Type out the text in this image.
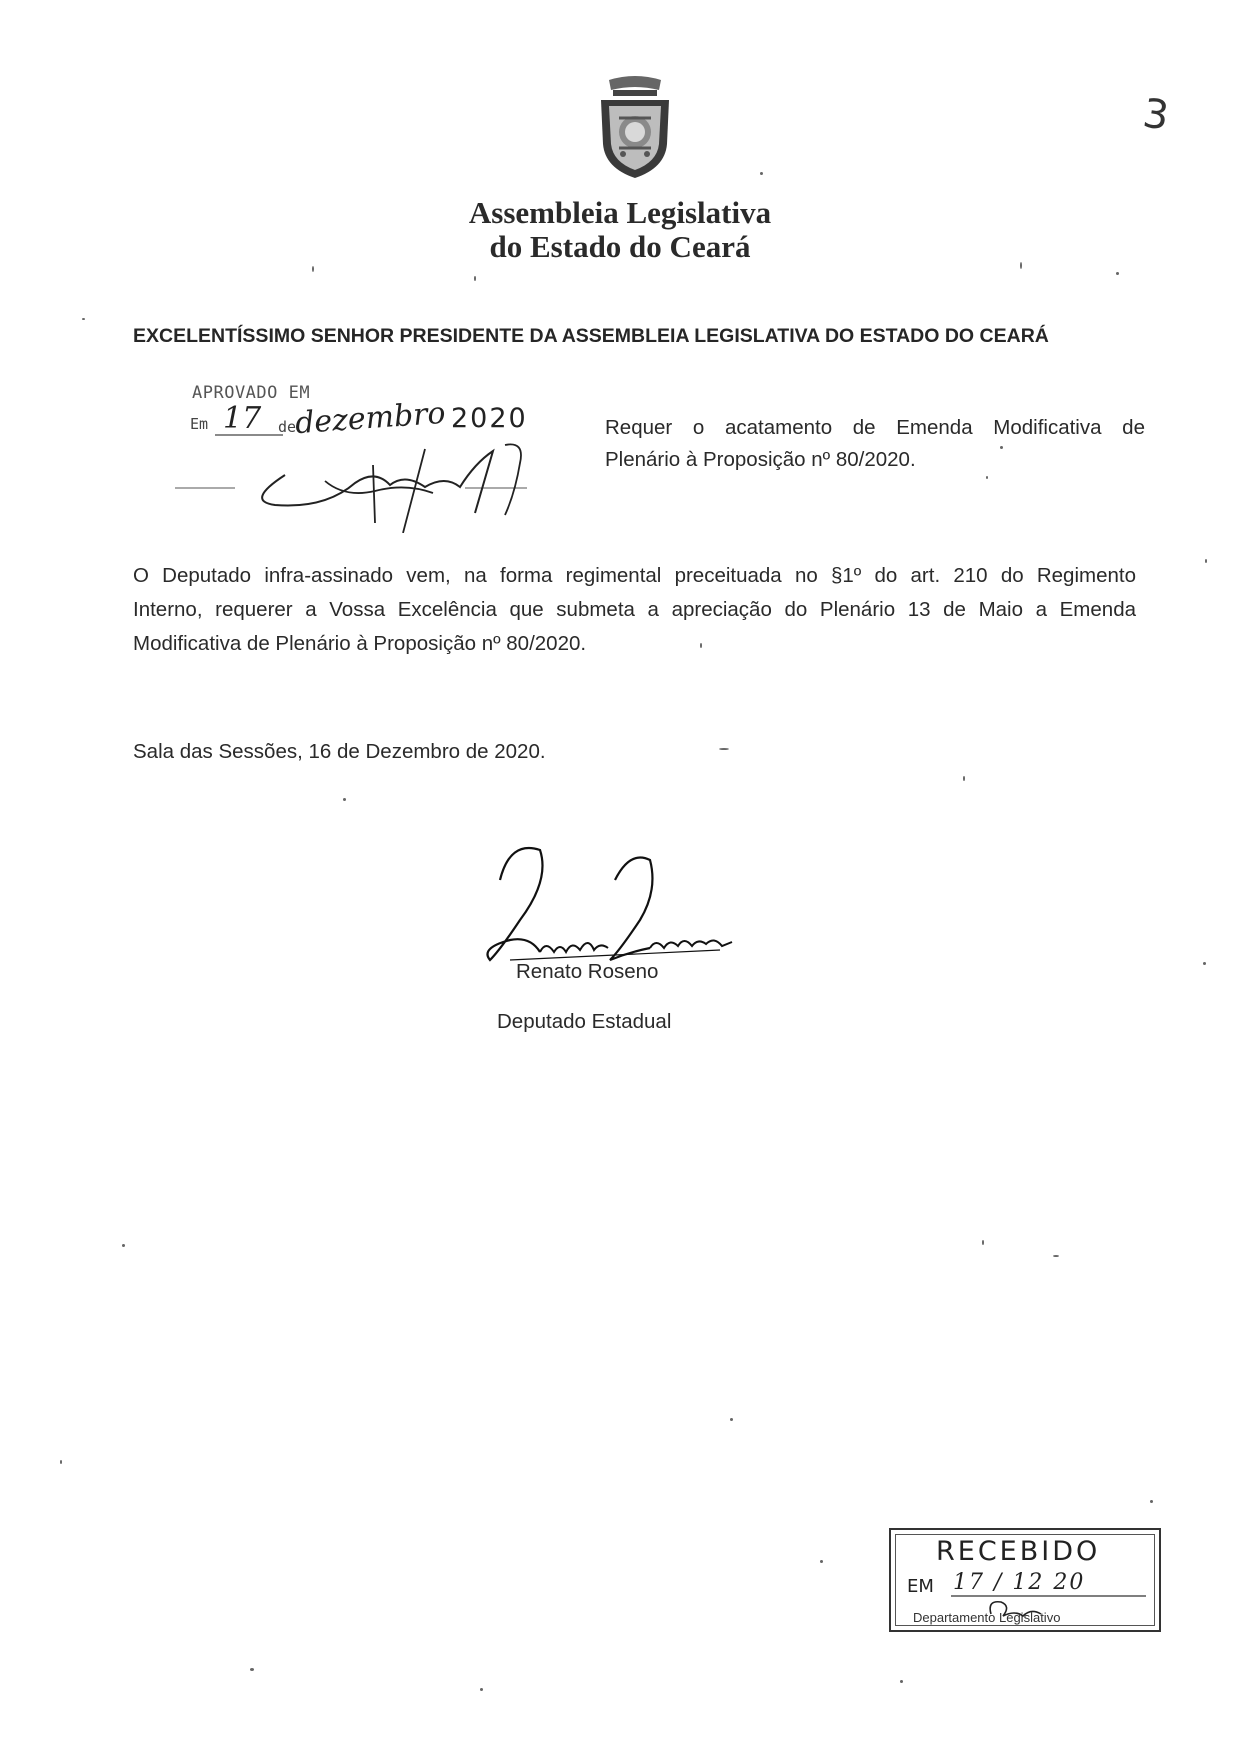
3
Assembleia Legislativa
do Estado do Ceará
EXCELENTÍSSIMO SENHOR PRESIDENTE DA ASSEMBLEIA LEGISLATIVA DO ESTADO DO CEARÁ
APROVADO EM
Em 17 de
dezembro 2020	Requer o acatamento de Emenda Modificativa de
Plenário à Proposição nº 80/2020.
O Deputado infra-assinado vem, na forma regimental preceituada no §1º do art. 210 do Regimento
Interno, requerer a Vossa Excelência que submeta a apreciação do Plenário 13 de Maio a Emenda
Modificativa de Plenário à Proposição nº 80/2020.
Sala das Sessões, 16 de Dezembro de 2020.
Renato Roseno
Deputado Estadual
RECEBIDO
EM 17 / 12 20
Departamento Legislativo
